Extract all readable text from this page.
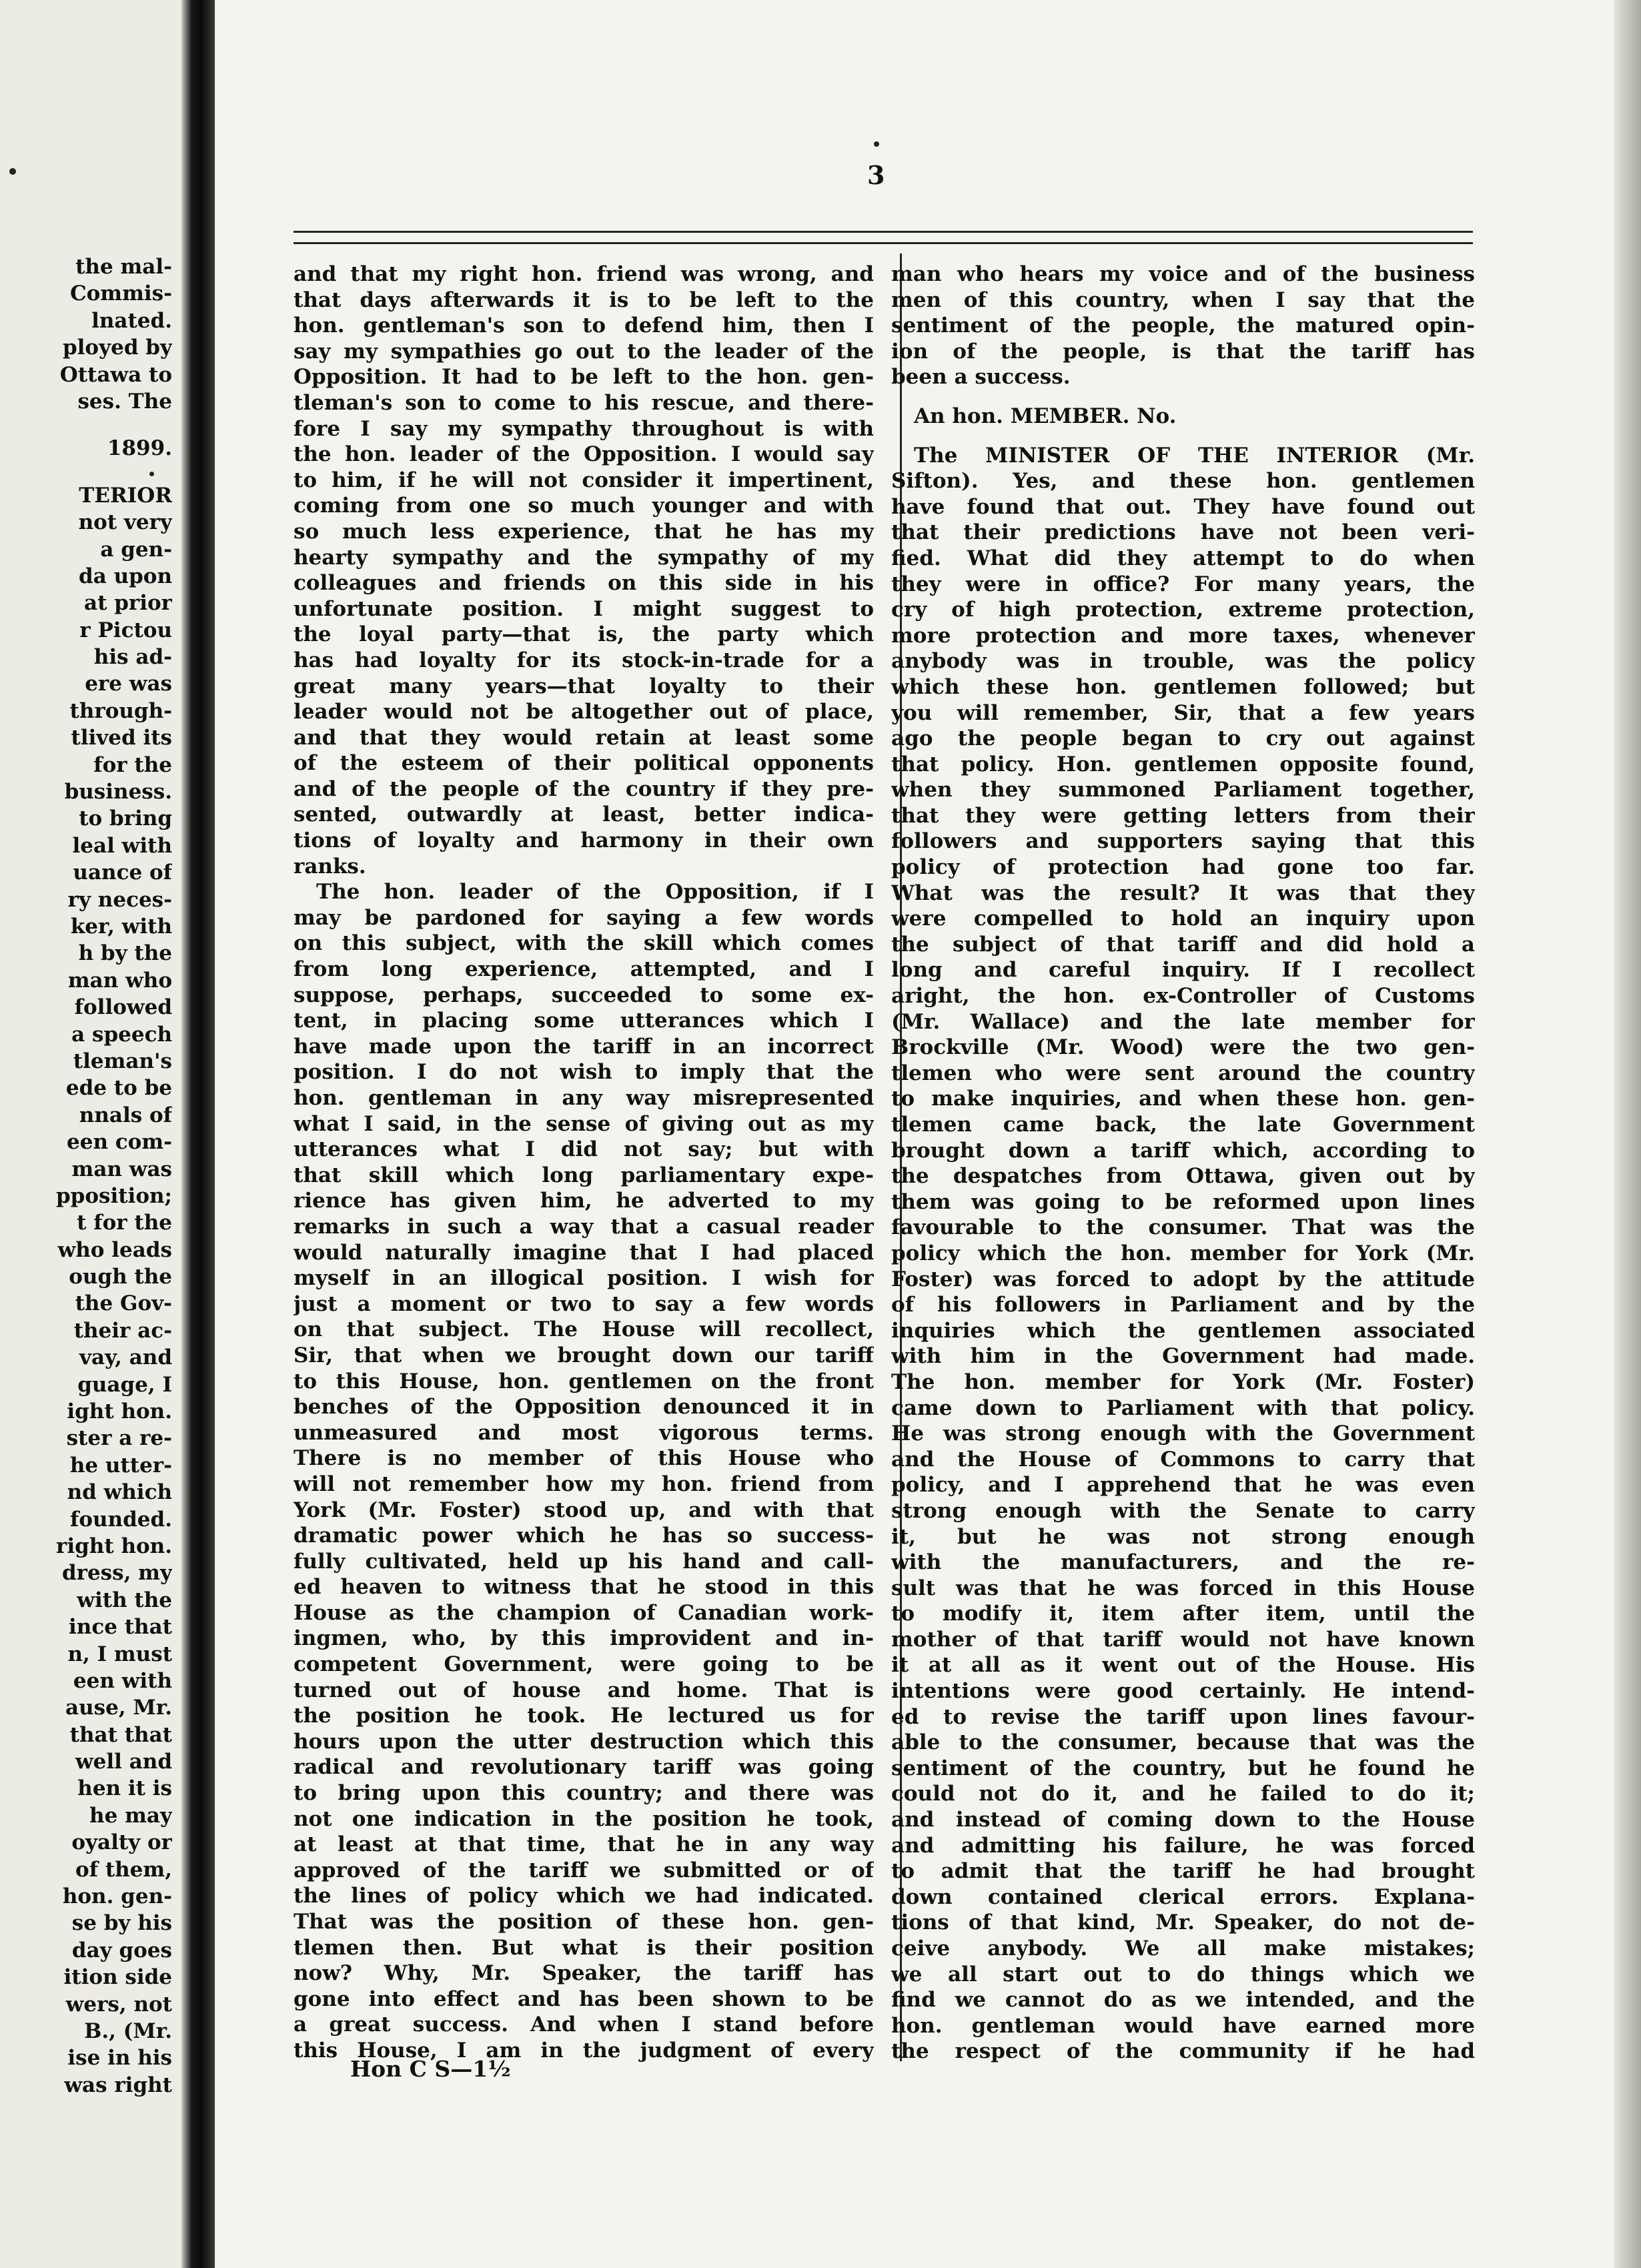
the mal-
Commis-
lnated.
ployed by
Ottawa to
ses. The
1899.
TERIOR
not very
a gen-
da upon
at prior
r Pictou
his ad-
ere was
through-
tlived its
for the
business.
to bring
leal with
uance of
ry neces-
ker, with
h by the
man who
followed
a speech
tleman's
ede to be
nnals of
een com-
man was
pposition;
t for the
who leads
ough the
the Gov-
their ac-
vay, and
guage, I
ight hon.
ster a re-
he utter-
nd which
founded.
right hon.
dress, my
with the
ince that
n, I must
een with
ause, Mr.
that that
well and
hen it is
he may
oyalty or
of them,
hon. gen-
se by his
day goes
ition side
wers, not
B., (Mr.
ise in his
was right
3
and that my right hon. friend was wrong, and
that days afterwards it is to be left to the
hon. gentleman's son to defend him, then I
say my sympathies go out to the leader of the
Opposition. It had to be left to the hon. gen-
tleman's son to come to his rescue, and there-
fore I say my sympathy throughout is with
the hon. leader of the Opposition. I would say
to him, if he will not consider it impertinent,
coming from one so much younger and with
so much less experience, that he has my
hearty sympathy and the sympathy of my
colleagues and friends on this side in his
unfortunate position. I might suggest to
the loyal party—that is, the party which
has had loyalty for its stock-in-trade for a
great many years—that loyalty to their
leader would not be altogether out of place,
and that they would retain at least some
of the esteem of their political opponents
and of the people of the country if they pre-
sented, outwardly at least, better indica-
tions of loyalty and harmony in their own
ranks.
The hon. leader of the Opposition, if I
may be pardoned for saying a few words
on this subject, with the skill which comes
from long experience, attempted, and I
suppose, perhaps, succeeded to some ex-
tent, in placing some utterances which I
have made upon the tariff in an incorrect
position. I do not wish to imply that the
hon. gentleman in any way misrepresented
what I said, in the sense of giving out as my
utterances what I did not say; but with
that skill which long parliamentary expe-
rience has given him, he adverted to my
remarks in such a way that a casual reader
would naturally imagine that I had placed
myself in an illogical position. I wish for
just a moment or two to say a few words
on that subject. The House will recollect,
Sir, that when we brought down our tariff
to this House, hon. gentlemen on the front
benches of the Opposition denounced it in
unmeasured and most vigorous terms.
There is no member of this House who
will not remember how my hon. friend from
York (Mr. Foster) stood up, and with that
dramatic power which he has so success-
fully cultivated, held up his hand and call-
ed heaven to witness that he stood in this
House as the champion of Canadian work-
ingmen, who, by this improvident and in-
competent Government, were going to be
turned out of house and home. That is
the position he took. He lectured us for
hours upon the utter destruction which this
radical and revolutionary tariff was going
to bring upon this country; and there was
not one indication in the position he took,
at least at that time, that he in any way
approved of the tariff we submitted or of
the lines of policy which we had indicated.
That was the position of these hon. gen-
tlemen then. But what is their position
now? Why, Mr. Speaker, the tariff has
gone into effect and has been shown to be
a great success. And when I stand before
this House, I am in the judgment of every
man who hears my voice and of the business
men of this country, when I say that the
sentiment of the people, the matured opin-
ion of the people, is that the tariff has
been a success.
An hon. MEMBER. No.
The MINISTER OF THE INTERIOR (Mr.
Sifton). Yes, and these hon. gentlemen
have found that out. They have found out
that their predictions have not been veri-
fied. What did they attempt to do when
they were in office? For many years, the
cry of high protection, extreme protection,
more protection and more taxes, whenever
anybody was in trouble, was the policy
which these hon. gentlemen followed; but
you will remember, Sir, that a few years
ago the people began to cry out against
that policy. Hon. gentlemen opposite found,
when they summoned Parliament together,
that they were getting letters from their
followers and supporters saying that this
policy of protection had gone too far.
What was the result? It was that they
were compelled to hold an inquiry upon
the subject of that tariff and did hold a
long and careful inquiry. If I recollect
aright, the hon. ex-Controller of Customs
(Mr. Wallace) and the late member for
Brockville (Mr. Wood) were the two gen-
tlemen who were sent around the country
to make inquiries, and when these hon. gen-
tlemen came back, the late Government
brought down a tariff which, according to
the despatches from Ottawa, given out by
them was going to be reformed upon lines
favourable to the consumer. That was the
policy which the hon. member for York (Mr.
Foster) was forced to adopt by the attitude
of his followers in Parliament and by the
inquiries which the gentlemen associated
with him in the Government had made.
The hon. member for York (Mr. Foster)
came down to Parliament with that policy.
He was strong enough with the Government
and the House of Commons to carry that
policy, and I apprehend that he was even
strong enough with the Senate to carry
it, but he was not strong enough
with the manufacturers, and the re-
sult was that he was forced in this House
to modify it, item after item, until the
mother of that tariff would not have known
it at all as it went out of the House. His
intentions were good certainly. He intend-
ed to revise the tariff upon lines favour-
able to the consumer, because that was the
sentiment of the country, but he found he
could not do it, and he failed to do it;
and instead of coming down to the House
and admitting his failure, he was forced
to admit that the tariff he had brought
down contained clerical errors. Explana-
tions of that kind, Mr. Speaker, do not de-
ceive anybody. We all make mistakes;
we all start out to do things which we
find we cannot do as we intended, and the
hon. gentleman would have earned more
the respect of the community if he had
Hon C S—1½
